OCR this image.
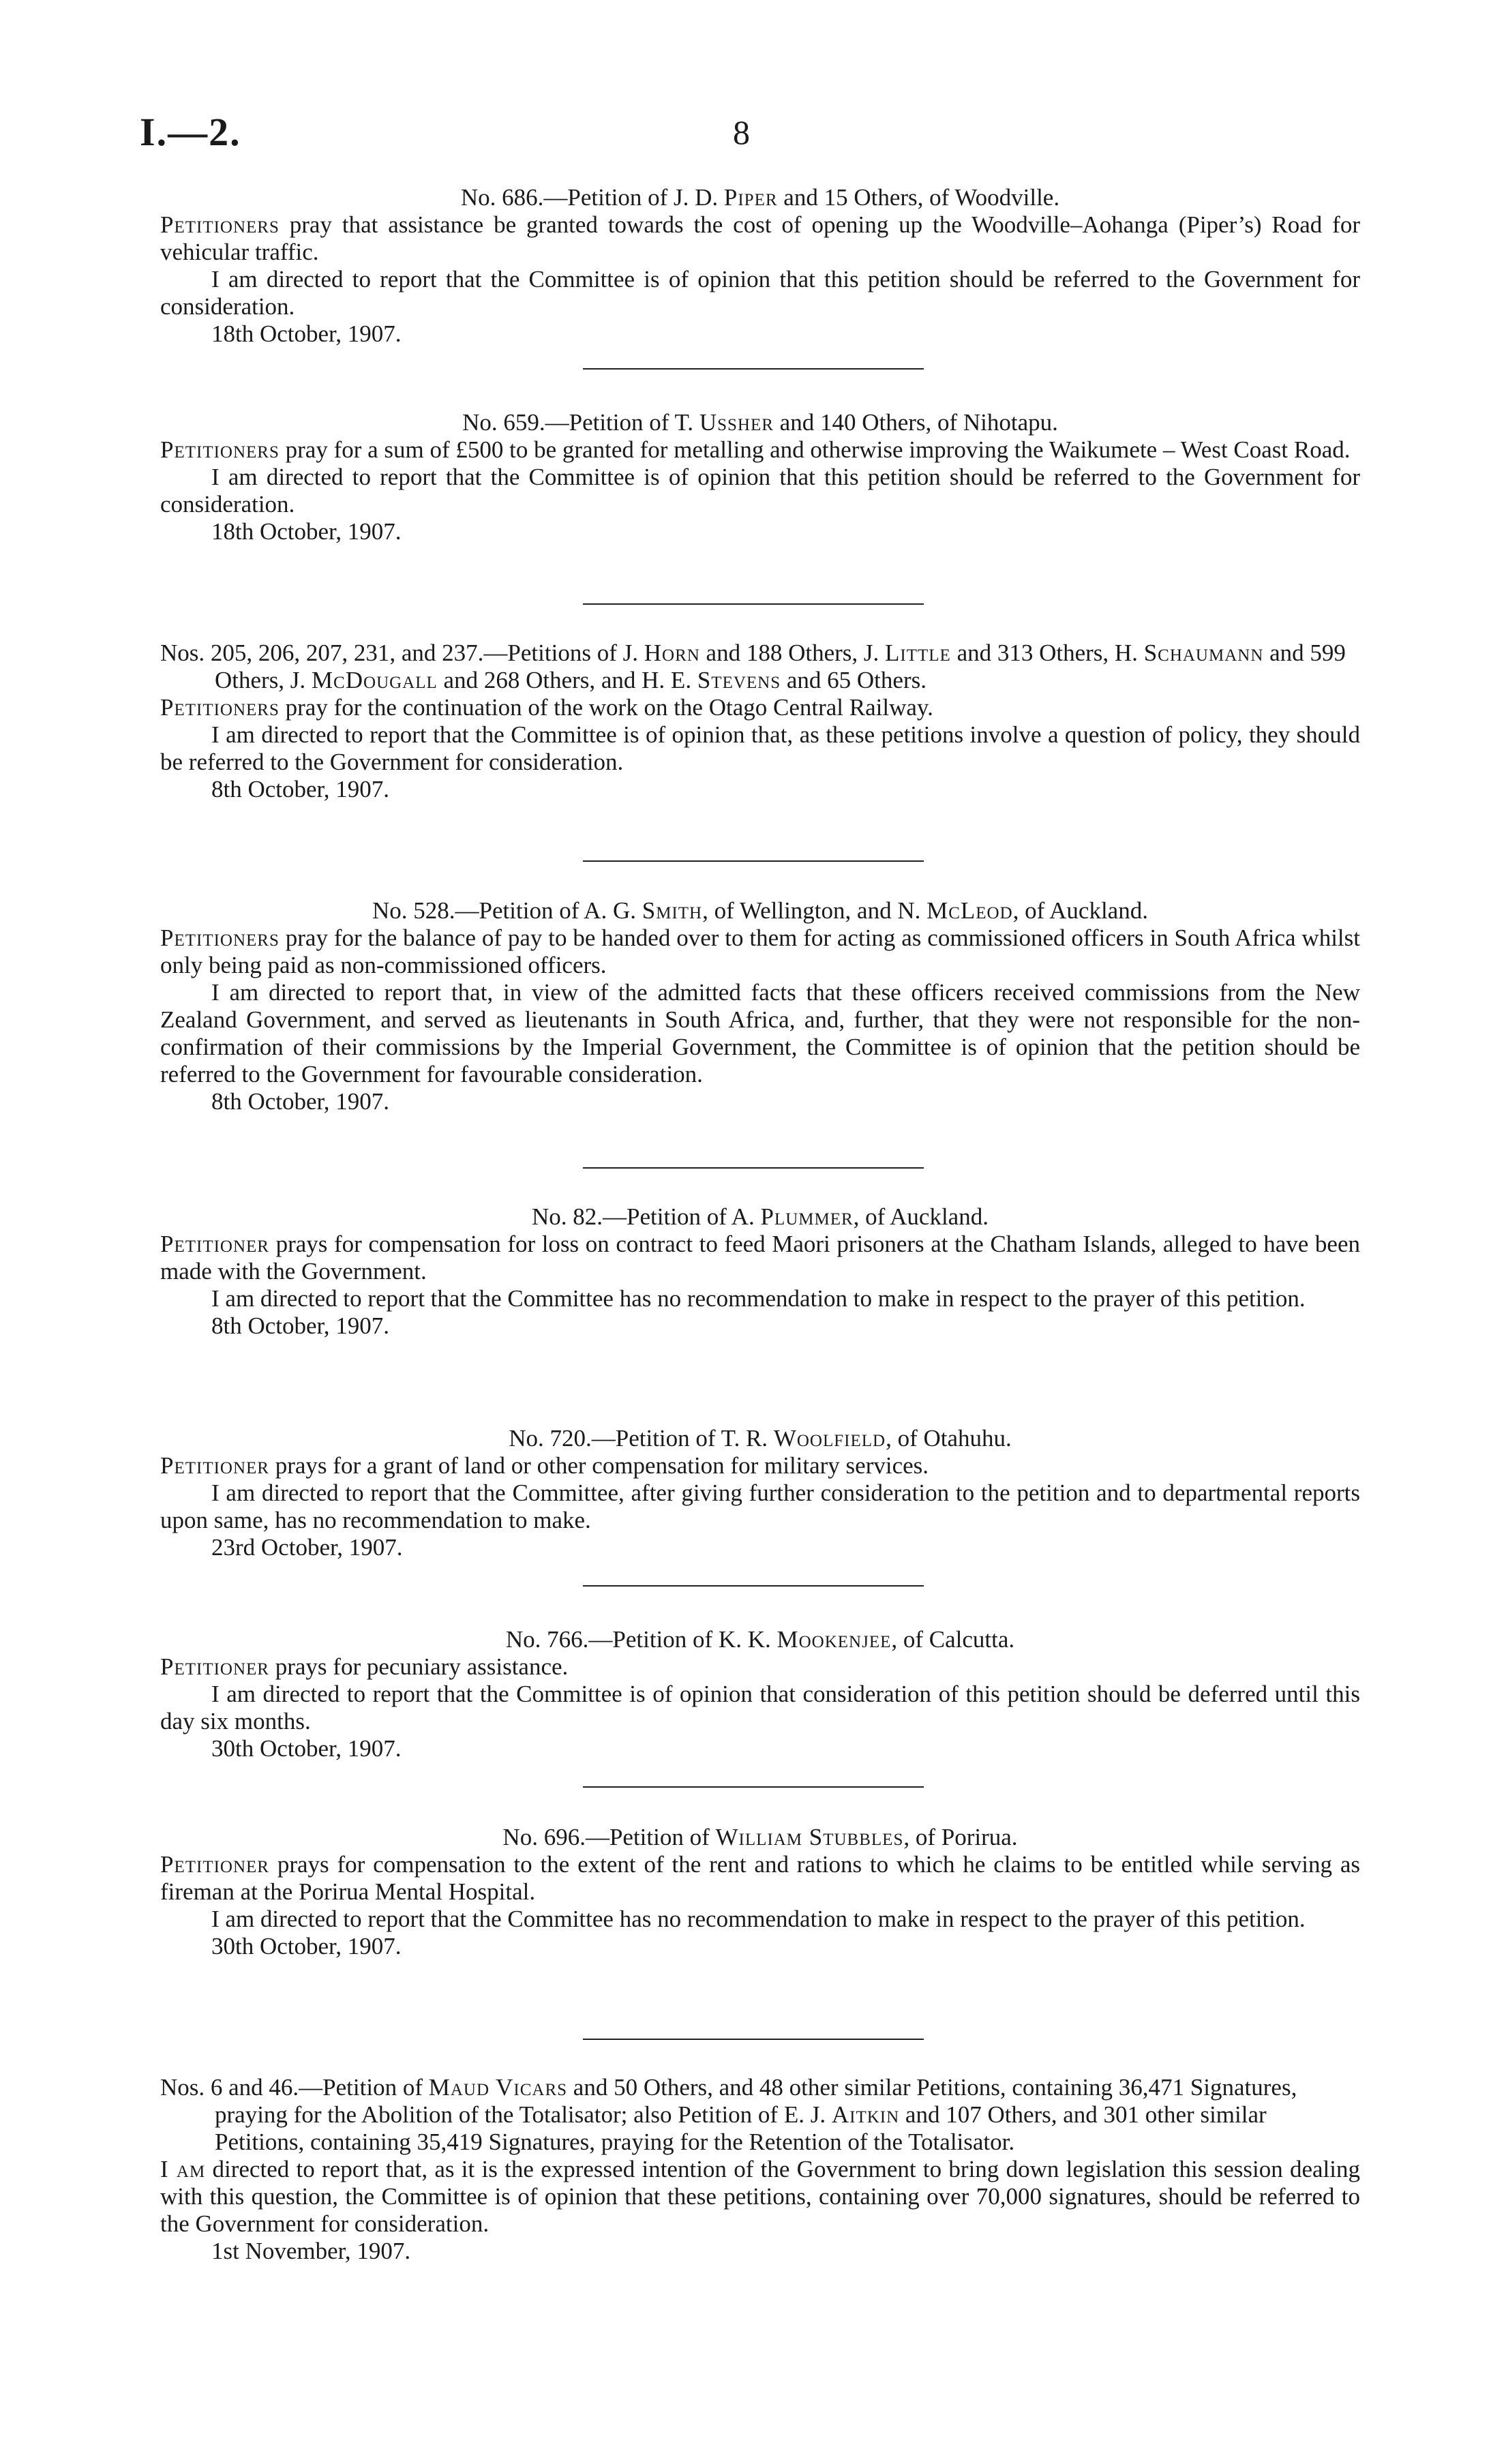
I.—2.	8
No. 686.—Petition of J. D. Piper and 15 Others, of Woodville.
Petitioners pray that assistance be granted towards the cost of opening up the Woodville–Aohanga (Piper’s) Road for vehicular traffic.
I am directed to report that the Committee is of opinion that this petition should be referred to the Government for consideration.
18th October, 1907.
No. 659.—Petition of T. Ussher and 140 Others, of Nihotapu.
Petitioners pray for a sum of £500 to be granted for metalling and otherwise improving the Waikumete – West Coast Road.
I am directed to report that the Committee is of opinion that this petition should be referred to the Government for consideration.
18th October, 1907.
Nos. 205, 206, 207, 231, and 237.—Petitions of J. Horn and 188 Others, J. Little and 313 Others, H. Schaumann and 599 Others, J. McDougall and 268 Others, and H. E. Stevens and 65 Others.
Petitioners pray for the continuation of the work on the Otago Central Railway.
I am directed to report that the Committee is of opinion that, as these petitions involve a question of policy, they should be referred to the Government for consideration.
8th October, 1907.
No. 528.—Petition of A. G. Smith, of Wellington, and N. McLeod, of Auckland.
Petitioners pray for the balance of pay to be handed over to them for acting as commissioned officers in South Africa whilst only being paid as non-commissioned officers.
I am directed to report that, in view of the admitted facts that these officers received commissions from the New Zealand Government, and served as lieutenants in South Africa, and, further, that they were not responsible for the non-confirmation of their commissions by the Imperial Government, the Committee is of opinion that the petition should be referred to the Government for favourable consideration.
8th October, 1907.
No. 82.—Petition of A. Plummer, of Auckland.
Petitioner prays for compensation for loss on contract to feed Maori prisoners at the Chatham Islands, alleged to have been made with the Government.
I am directed to report that the Committee has no recommendation to make in respect to the prayer of this petition.
8th October, 1907.
No. 720.—Petition of T. R. Woolfield, of Otahuhu.
Petitioner prays for a grant of land or other compensation for military services.
I am directed to report that the Committee, after giving further consideration to the petition and to departmental reports upon same, has no recommendation to make.
23rd October, 1907.
No. 766.—Petition of K. K. Mookenjee, of Calcutta.
Petitioner prays for pecuniary assistance.
I am directed to report that the Committee is of opinion that consideration of this petition should be deferred until this day six months.
30th October, 1907.
No. 696.—Petition of William Stubbles, of Porirua.
Petitioner prays for compensation to the extent of the rent and rations to which he claims to be entitled while serving as fireman at the Porirua Mental Hospital.
I am directed to report that the Committee has no recommendation to make in respect to the prayer of this petition.
30th October, 1907.
Nos. 6 and 46.—Petition of Maud Vicars and 50 Others, and 48 other similar Petitions, containing 36,471 Signatures, praying for the Abolition of the Totalisator; also Petition of E. J. Aitkin and 107 Others, and 301 other similar Petitions, containing 35,419 Signatures, praying for the Retention of the Totalisator.
I am directed to report that, as it is the expressed intention of the Government to bring down legislation this session dealing with this question, the Committee is of opinion that these petitions, containing over 70,000 signatures, should be referred to the Government for consideration.
1st November, 1907.
